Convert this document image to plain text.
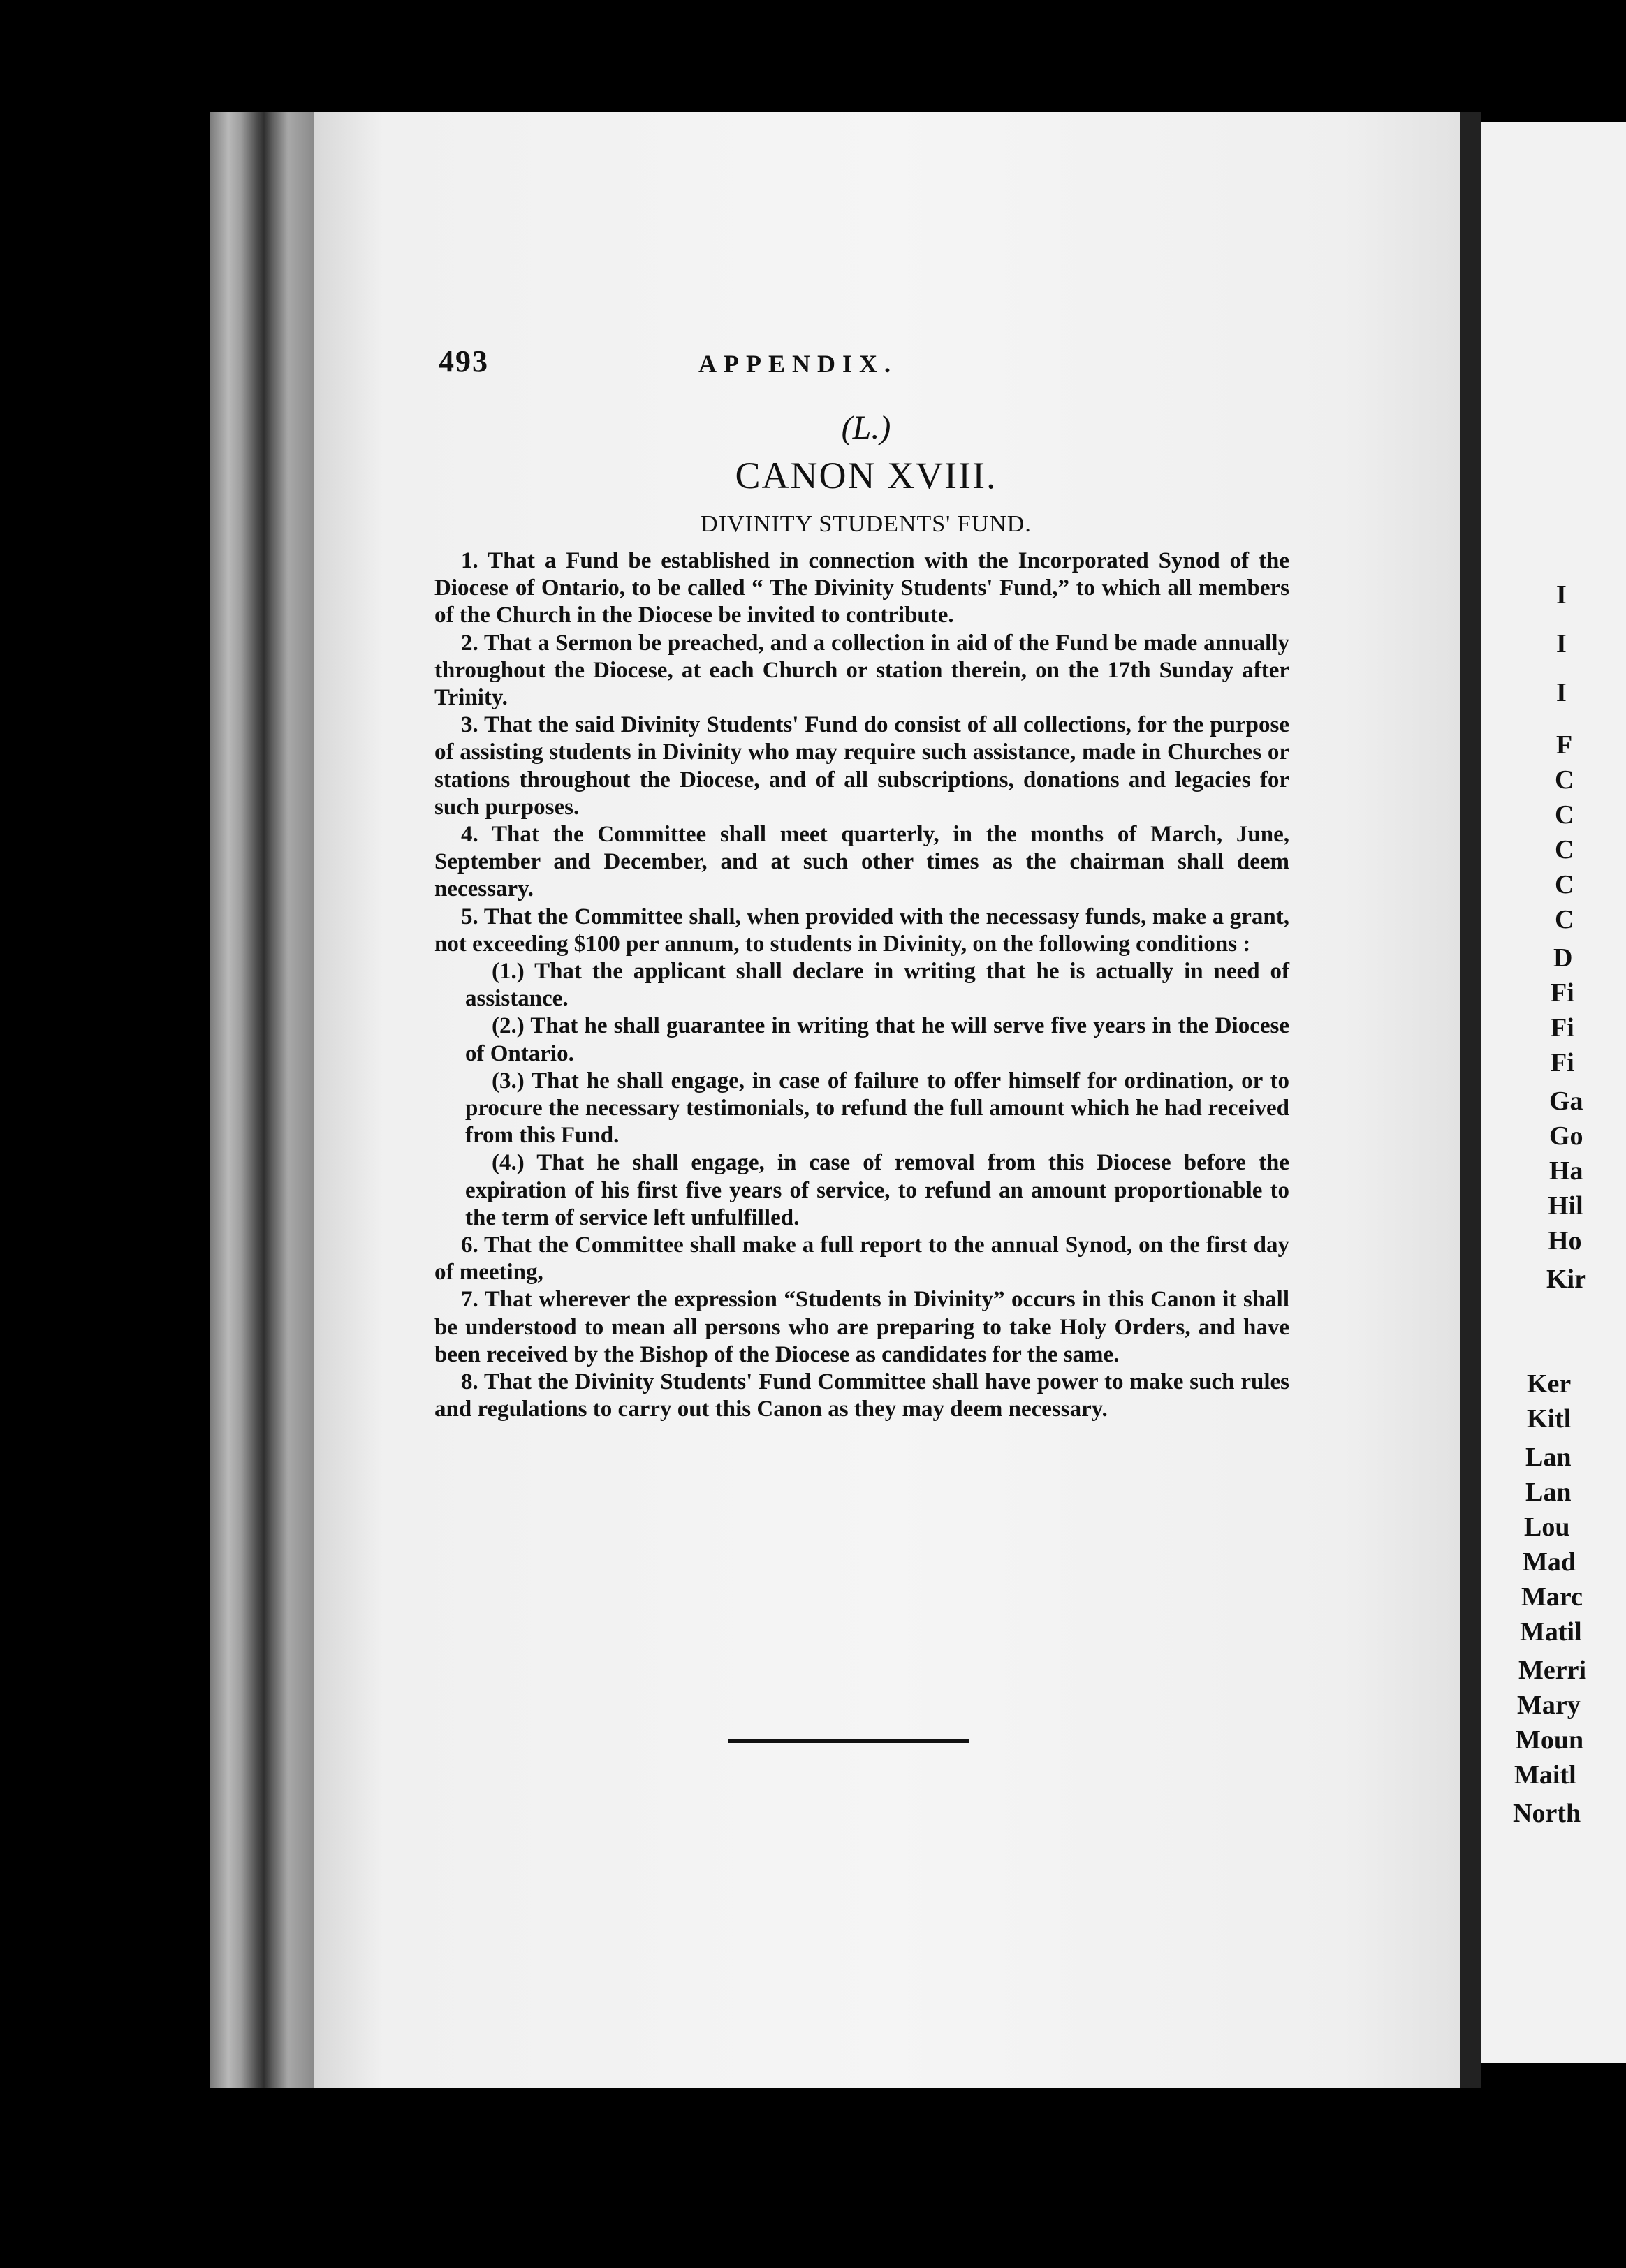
I
I
I
F
C
C
C
C
C
D
Fi
Fi
Fi
Ga
Go
Ha
Hil
Ho
Kir
Ker
Kitl
Lan
Lan
Lou
Mad
Marc
Matil
Merri
Mary
Moun
Maitl
North
493	APPENDIX.
(L.)
CANON XVIII.
DIVINITY STUDENTS' FUND.

1. That a Fund be established in connection with the Incorporated Synod of the Diocese of Ontario, to be called “ The Divinity Students' Fund,” to which all members of the Church in the Diocese be invited to contribute.

2. That a Sermon be preached, and a collection in aid of the Fund be made annually throughout the Diocese, at each Church or station therein, on the 17th Sunday after Trinity.

3. That the said Divinity Students' Fund do consist of all collections, for the purpose of assisting students in Divinity who may require such assistance, made in Churches or stations throughout the Diocese, and of all subscriptions, donations and legacies for such purposes.

4. That the Committee shall meet quarterly, in the months of March, June, September and December, and at such other times as the chairman shall deem necessary.

5. That the Committee shall, when provided with the necessasy funds, make a grant, not exceeding $100 per annum, to students in Divinity, on the following conditions :

(1.) That the applicant shall declare in writing that he is actually in need of assistance.

(2.) That he shall guarantee in writing that he will serve five years in the Diocese of Ontario.

(3.) That he shall engage, in case of failure to offer himself for ordination, or to procure the necessary testimonials, to refund the full amount which he had received from this Fund.

(4.) That he shall engage, in case of removal from this Diocese before the expiration of his first five years of service, to refund an amount proportionable to the term of service left unfulfilled.

6. That the Committee shall make a full report to the annual Synod, on the first day of meeting,

7. That wherever the expression “Students in Divinity” occurs in this Canon it shall be understood to mean all persons who are preparing to take Holy Orders, and have been received by the Bishop of the Diocese as candidates for the same.

8. That the Divinity Students' Fund Committee shall have power to make such rules and regulations to carry out this Canon as they may deem necessary.
